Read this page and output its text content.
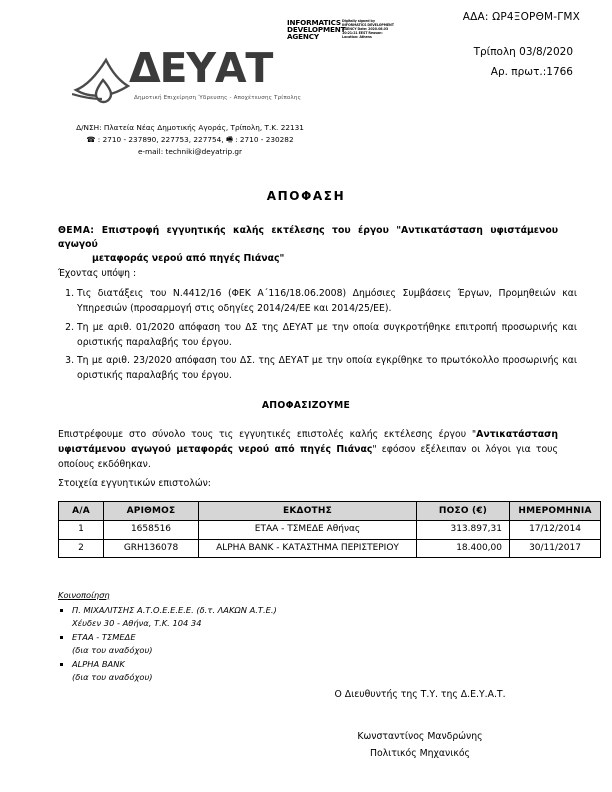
ΑΔΑ: ΩΡ4ΞΟΡΘΜ-ΓΜΧ
INFORMATICS DEVELOPMENT AGENCY
Digitally signed by INFORMATICS DEVELOPMENT AGENCY Date: 2020.08.03 10:21:21 EEST Reason: Location: Athens
Τρίπολη 03/8/2020
Αρ. πρωτ.:1766
ΔΕΥΑΤ
Δημοτική Επιχείρηση Ύδρευσης - Αποχέτευσης Τρίπολης
Δ/ΝΣΗ: Πλατεία Νέας Δημοτικής Αγοράς, Τρίπολη, Τ.Κ. 22131
☎ : 2710 - 237890, 227753, 227754, 🖷 : 2710 - 230282
e-mail: techniki@deyatrip.gr
ΑΠΟΦΑΣΗ
ΘΕΜΑ: Επιστροφή εγγυητικής καλής εκτέλεσης του έργου "Αντικατάσταση υφιστάμενου αγωγού
μεταφοράς νερού από πηγές Πιάνας"
Έχοντας υπόψη :
1. Τις διατάξεις του Ν.4412/16 (ΦΕΚ Α΄116/18.06.2008) Δημόσιες Συμβάσεις Έργων, Προμηθειών και Υπηρεσιών (προσαρμογή στις οδηγίες 2014/24/ΕΕ και 2014/25/ΕΕ).
2. Τη με αριθ. 01/2020 απόφαση του ΔΣ της ΔΕΥΑΤ με την οποία συγκροτήθηκε επιτροπή προσωρινής και οριστικής παραλαβής του έργου.
3. Τη με αριθ. 23/2020 απόφαση του ΔΣ. της ΔΕΥΑΤ με την οποία εγκρίθηκε το πρωτόκολλο προσωρινής και οριστικής παραλαβής του έργου.
ΑΠΟΦΑΣΙΖΟΥΜΕ
Επιστρέφουμε στο σύνολο τους τις εγγυητικές επιστολές καλής εκτέλεσης έργου "Αντικατάσταση υφιστάμενου αγωγού μεταφοράς νερού από πηγές Πιάνας" εφόσον εξέλειπαν οι λόγοι για τους οποίους εκδόθηκαν.
Στοιχεία εγγυητικών επιστολών:
Α/Α	ΑΡΙΘΜΟΣ	ΕΚΔΟΤΗΣ	ΠΟΣΟ (€)	ΗΜΕΡΟΜΗΝΙΑ
1	1658516	ΕΤΑΑ - ΤΣΜΕΔΕ Αθήνας	313.897,31	17/12/2014
2	GRH136078	ALPHA BANK - ΚΑΤΑΣΤΗΜΑ ΠΕΡΙΣΤΕΡΙΟΥ	18.400,00	30/11/2017
Κοινοποίηση
Π. ΜΙΧΑΛΙΤΣΗΣ Α.Τ.Ο.Ε.Ε.Ε.Ε. (δ.τ. ΛΑΚΩΝ Α.Τ.Ε.)
Χέυδεν 30 - Αθήνα, Τ.Κ. 104 34
ΕΤΑΑ - ΤΣΜΕΔΕ
(δια του αναδόχου)
ALPHA BANK
(δια του αναδόχου)
Ο Διευθυντής της Τ.Υ. της Δ.Ε.Υ.Α.Τ.
Κωνσταντίνος Μανδρώνης
Πολιτικός Μηχανικός
